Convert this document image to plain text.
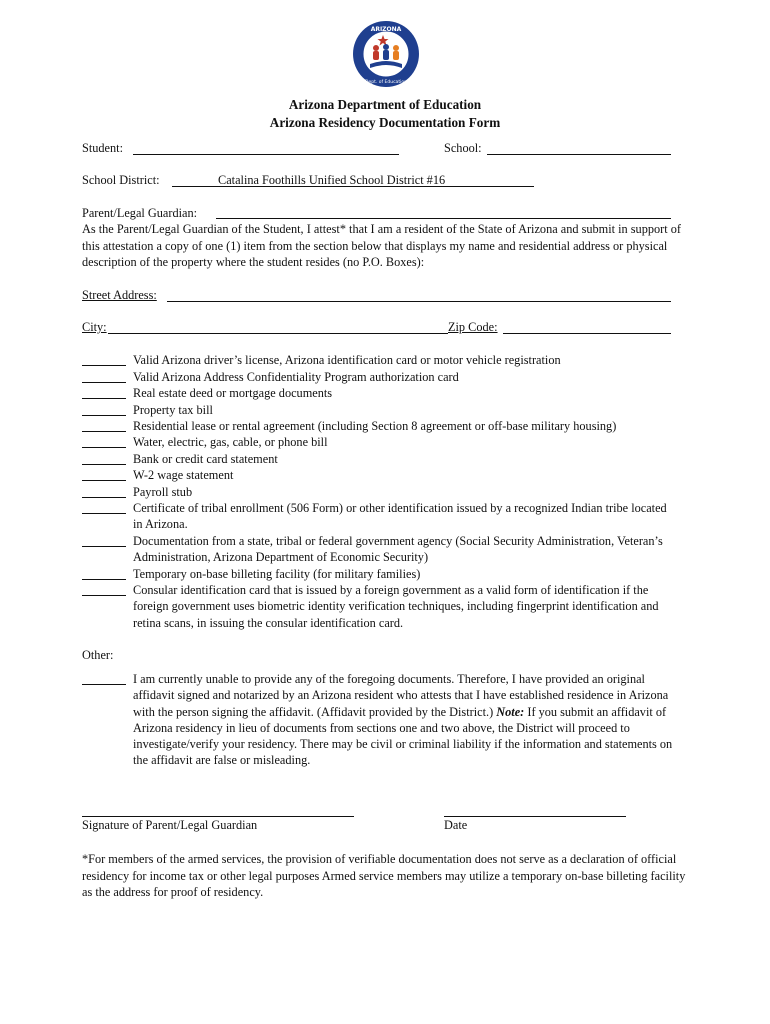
ARIZONA
Dept. of Education
Arizona Department of Education
Arizona Residency Documentation Form
Student:	School:
School District:	Catalina Foothills Unified School District #16
Parent/Legal Guardian:
As the Parent/Legal Guardian of the Student, I attest* that I am a resident of the State of Arizona and submit in support of this attestation a copy of one (1) item from the section below that displays my name and residential address or physical description of the property where the student resides (no P.O. Boxes):
Street Address:
City:	Zip Code:
Valid Arizona driver’s license, Arizona identification card or motor vehicle registration
Valid Arizona Address Confidentiality Program authorization card
Real estate deed or mortgage documents
Property tax bill
Residential lease or rental agreement (including Section 8 agreement or off-base military housing)
Water, electric, gas, cable, or phone bill
Bank or credit card statement
W-2 wage statement
Payroll stub
Certificate of tribal enrollment (506 Form) or other identification issued by a recognized Indian tribe located in Arizona.
Documentation from a state, tribal or federal government agency (Social Security Administration, Veteran’s Administration, Arizona Department of Economic Security)
Temporary on-base billeting facility (for military families)
Consular identification card that is issued by a foreign government as a valid form of identification if the foreign government uses biometric identity verification techniques, including fingerprint identification and retina scans, in issuing the consular identification card.
Other:
I am currently unable to provide any of the foregoing documents. Therefore, I have provided an original affidavit signed and notarized by an Arizona resident who attests that I have established residence in Arizona with the person signing the affidavit. (Affidavit provided by the District.) Note: If you submit an affidavit of Arizona residency in lieu of documents from sections one and two above, the District will proceed to investigate/verify your residency. There may be civil or criminal liability if the information and statements on the affidavit are false or misleading.
Signature of Parent/Legal Guardian	Date
*For members of the armed services, the provision of verifiable documentation does not serve as a declaration of official residency for income tax or other legal purposes Armed service members may utilize a temporary on-base billeting facility as the address for proof of residency.
